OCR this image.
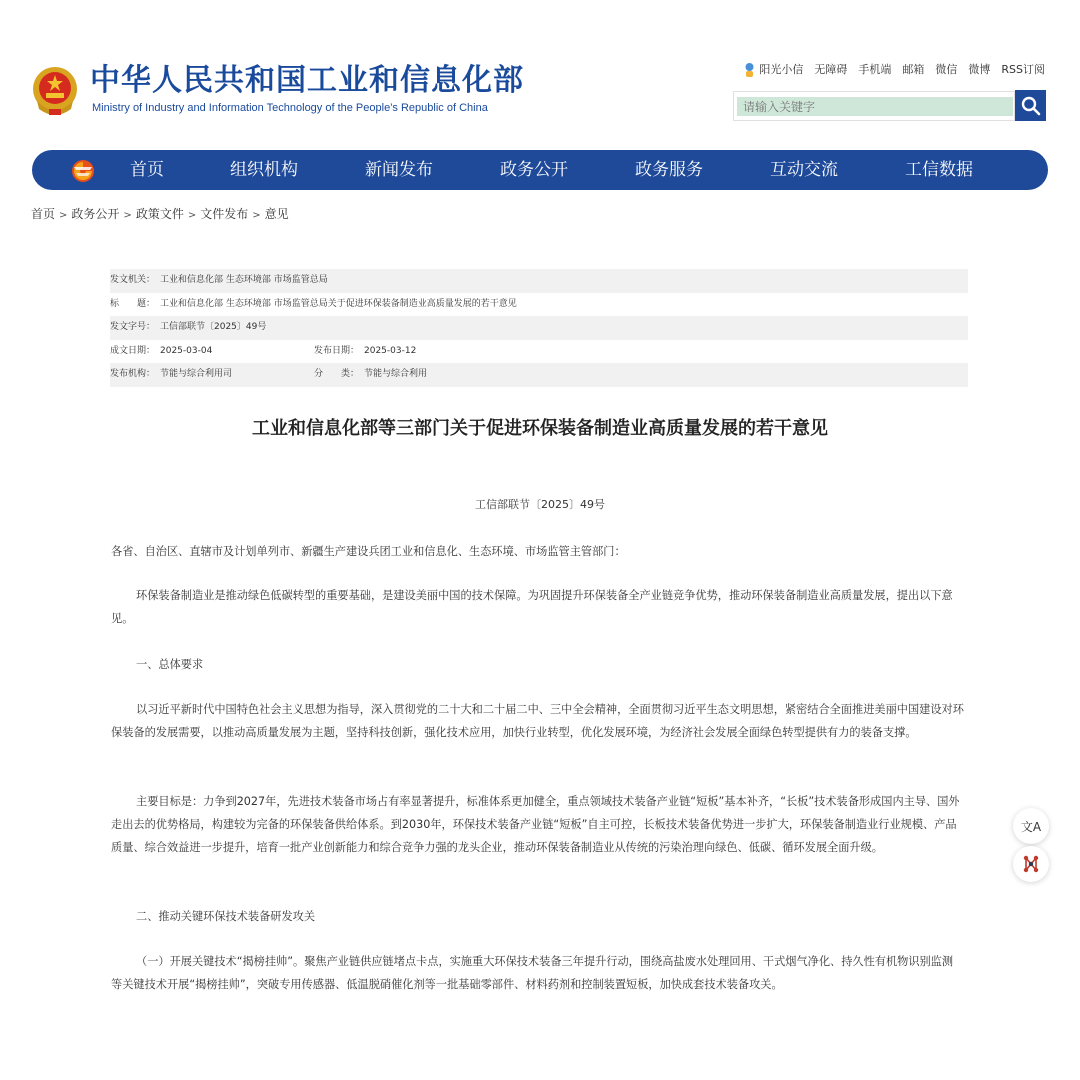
中华人民共和国工业和信息化部
Ministry of Industry and Information Technology of the People’s Republic of China
阳光小信 无障碍 手机端 邮箱 微信 微博 RSS订阅
请输入关键字
首页	组织机构	新闻发布	政务公开	政务服务	互动交流	工信数据
首页 > 政务公开 > 政策文件 > 文件发布 > 意见
发文机关： 工业和信息化部 生态环境部 市场监管总局
标　　题： 工业和信息化部 生态环境部 市场监管总局关于促进环保装备制造业高质量发展的若干意见
发文字号： 工信部联节〔2025〕49号
成文日期： 2025-03-04	发布日期： 2025-03-12
发布机构： 节能与综合利用司	分　　类： 节能与综合利用
工业和信息化部等三部门关于促进环保装备制造业高质量发展的若干意见
工信部联节〔2025〕49号

各省、自治区、直辖市及计划单列市、新疆生产建设兵团工业和信息化、生态环境、市场监管主管部门：

环保装备制造业是推动绿色低碳转型的重要基础，是建设美丽中国的技术保障。为巩固提升环保装备全产业链竞争优势，推动环保装备制造业高质量发展，提出以下意见。

一、总体要求

以习近平新时代中国特色社会主义思想为指导，深入贯彻党的二十大和二十届二中、三中全会精神，全面贯彻习近平生态文明思想，紧密结合全面推进美丽中国建设对环保装备的发展需要，以推动高质量发展为主题，坚持科技创新，强化技术应用，加快行业转型，优化发展环境，为经济社会发展全面绿色转型提供有力的装备支撑。

主要目标是：力争到2027年，先进技术装备市场占有率显著提升，标准体系更加健全，重点领域技术装备产业链“短板”基本补齐，“长板”技术装备形成国内主导、国外走出去的优势格局，构建较为完备的环保装备供给体系。到2030年，环保技术装备产业链“短板”自主可控，长板技术装备优势进一步扩大，环保装备制造业行业规模、产品质量、综合效益进一步提升，培育一批产业创新能力和综合竞争力强的龙头企业，推动环保装备制造业从传统的污染治理向绿色、低碳、循环发展全面升级。

二、推动关键环保技术装备研发攻关

（一）开展关键技术“揭榜挂帅”。聚焦产业链供应链堵点卡点，实施重大环保技术装备三年提升行动，围绕高盐废水处理回用、干式烟气净化、持久性有机物识别监测等关键技术开展“揭榜挂帅”，突破专用传感器、低温脱硝催化剂等一批基础零部件、材料药剂和控制装置短板，加快成套技术装备攻关。

文A
